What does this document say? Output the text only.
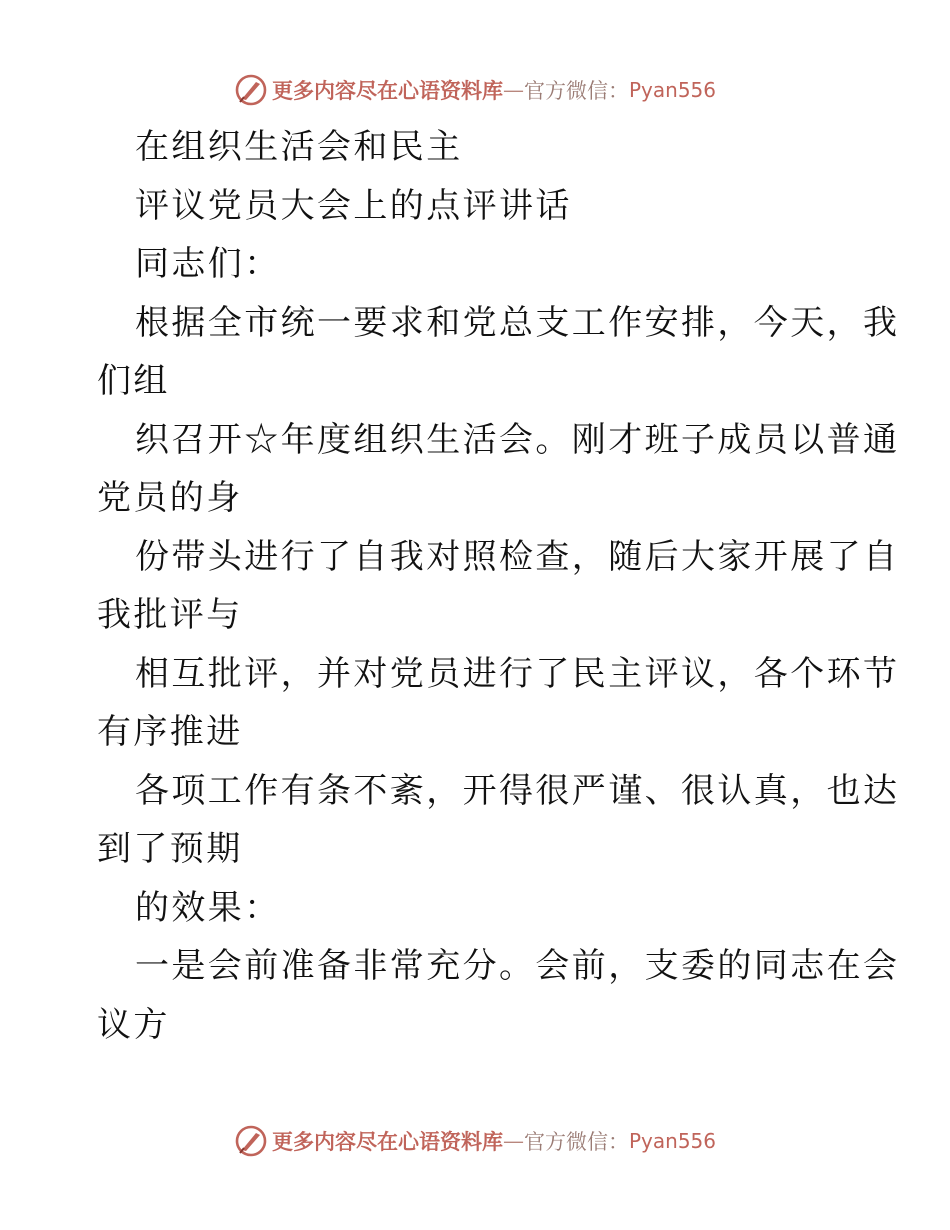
更多内容尽在心语资料库 — 官方微信： Pyan556
在组织生活会和民主
评议党员大会上的点评讲话
同志们：
根据全市统一要求和党总支工作安排，今天，我
们组
织召开☆年度组织生活会。刚才班子成员以普通
党员的身
份带头进行了自我对照检查，随后大家开展了自
我批评与
相互批评，并对党员进行了民主评议，各个环节
有序推进
各项工作有条不紊，开得很严谨、很认真，也达
到了预期
的效果：
一是会前准备非常充分。会前，支委的同志在会
议方
更多内容尽在心语资料库 — 官方微信： Pyan556
